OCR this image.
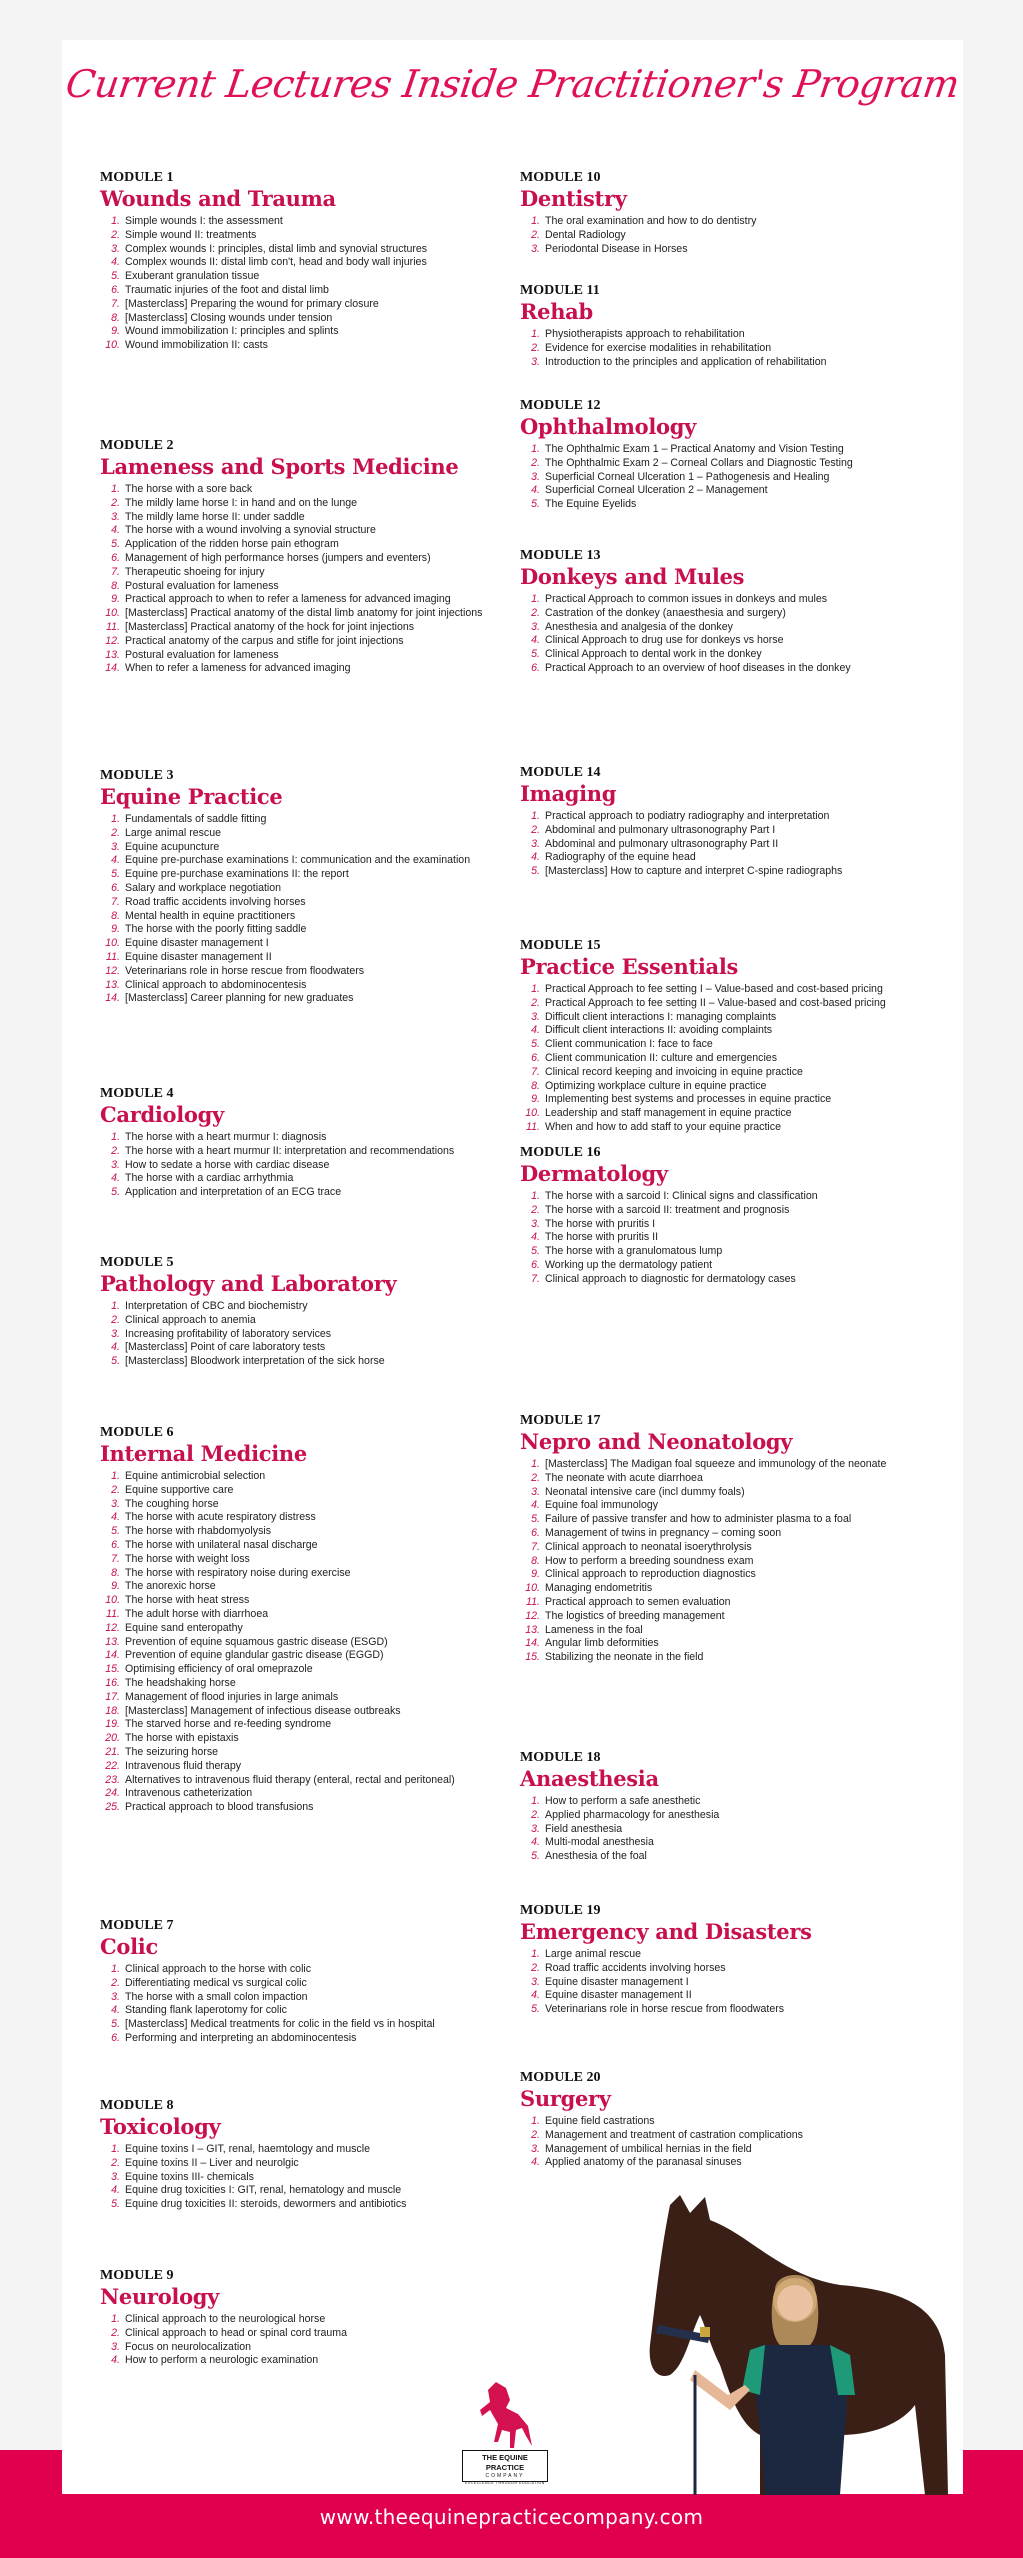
Current Lectures Inside Practitioner's Program
MODULE 1
Wounds and Trauma
1. Simple wounds I: the assessment
2. Simple wound II: treatments
3. Complex wounds I: principles, distal limb and synovial structures
4. Complex wounds II: distal limb con't, head and body wall injuries
5. Exuberant granulation tissue
6. Traumatic injuries of the foot and distal limb
7. [Masterclass] Preparing the wound for primary closure
8. [Masterclass] Closing wounds under tension
9. Wound immobilization I: principles and splints
10. Wound immobilization II: casts
MODULE 2
Lameness and Sports Medicine
1. The horse with a sore back
2. The mildly lame horse I: in hand and on the lunge
3. The mildly lame horse II: under saddle
4. The horse with a wound involving a synovial structure
5. Application of the ridden horse pain ethogram
6. Management of high performance horses (jumpers and eventers)
7. Therapeutic shoeing for injury
8. Postural evaluation for lameness
9. Practical approach to when to refer a lameness for advanced imaging
10. [Masterclass] Practical anatomy of the distal limb anatomy for joint injections
11. [Masterclass] Practical anatomy of the hock for joint injections
12. Practical anatomy of the carpus and stifle for joint injections
13. Postural evaluation for lameness
14. When to refer a lameness for advanced imaging
MODULE 3
Equine Practice
1. Fundamentals of saddle fitting
2. Large animal rescue
3. Equine acupuncture
4. Equine pre-purchase examinations I: communication and the examination
5. Equine pre-purchase examinations II: the report
6. Salary and workplace negotiation
7. Road traffic accidents involving horses
8. Mental health in equine practitioners
9. The horse with the poorly fitting saddle
10. Equine disaster management I
11. Equine disaster management II
12. Veterinarians role in horse rescue from floodwaters
13. Clinical approach to abdominocentesis
14. [Masterclass] Career planning for new graduates
MODULE 4
Cardiology
1. The horse with a heart murmur I: diagnosis
2. The horse with a heart murmur II: interpretation and recommendations
3. How to sedate a horse with cardiac disease
4. The horse with a cardiac arrhythmia
5. Application and interpretation of an ECG trace
MODULE 5
Pathology and Laboratory
1. Interpretation of CBC and biochemistry
2. Clinical approach to anemia
3. Increasing profitability of laboratory services
4. [Masterclass] Point of care laboratory tests
5. [Masterclass] Bloodwork interpretation of the sick horse
MODULE 6
Internal Medicine
1. Equine antimicrobial selection
2. Equine supportive care
3. The coughing horse
4. The horse with acute respiratory distress
5. The horse with rhabdomyolysis
6. The horse with unilateral nasal discharge
7. The horse with weight loss
8. The horse with respiratory noise during exercise
9. The anorexic horse
10. The horse with heat stress
11. The adult horse with diarrhoea
12. Equine sand enteropathy
13. Prevention of equine squamous gastric disease (ESGD)
14. Prevention of equine glandular gastric disease (EGGD)
15. Optimising efficiency of oral omeprazole
16. The headshaking horse
17. Management of flood injuries in large animals
18. [Masterclass] Management of infectious disease outbreaks
19. The starved horse and re-feeding syndrome
20. The horse with epistaxis
21. The seizuring horse
22. Intravenous fluid therapy
23. Alternatives to intravenous fluid therapy (enteral, rectal and peritoneal)
24. Intravenous catheterization
25. Practical approach to blood transfusions
MODULE 7
Colic
1. Clinical approach to the horse with colic
2. Differentiating medical vs surgical colic
3. The horse with a small colon impaction
4. Standing flank laperotomy for colic
5. [Masterclass] Medical treatments for colic in the field vs in hospital
6. Performing and interpreting an abdominocentesis
MODULE 8
Toxicology
1. Equine toxins I – GIT, renal, haemtology and muscle
2. Equine toxins II – Liver and neurolgic
3. Equine toxins III- chemicals
4. Equine drug toxicities I: GIT, renal, hematology and muscle
5. Equine drug toxicities II: steroids, dewormers and antibiotics
MODULE 9
Neurology
1. Clinical approach to the neurological horse
2. Clinical approach to head or spinal cord trauma
3. Focus on neurolocalization
4. How to perform a neurologic examination
MODULE 10
Dentistry
1. The oral examination and how to do dentistry
2. Dental Radiology
3. Periodontal Disease in Horses
MODULE 11
Rehab
1. Physiotherapists approach to rehabilitation
2. Evidence for exercise modalities in rehabilitation
3. Introduction to the principles and application of rehabilitation
MODULE 12
Ophthalmology
1. The Ophthalmic Exam 1 – Practical Anatomy and Vision Testing
2. The Ophthalmic Exam 2 – Corneal Collars and Diagnostic Testing
3. Superficial Corneal Ulceration 1 – Pathogenesis and Healing
4. Superficial Corneal Ulceration 2 – Management
5. The Equine Eyelids
MODULE 13
Donkeys and Mules
1. Practical Approach to common issues in donkeys and mules
2. Castration of the donkey (anaesthesia and surgery)
3. Anesthesia and analgesia of the donkey
4. Clinical Approach to drug use for donkeys vs horse
5. Clinical Approach to dental work in the donkey
6. Practical Approach to an overview of hoof diseases in the donkey
MODULE 14
Imaging
1. Practical approach to podiatry radiography and interpretation
2. Abdominal and pulmonary ultrasonography Part I
3. Abdominal and pulmonary ultrasonography Part II
4. Radiography of the equine head
5. [Masterclass] How to capture and interpret C-spine radiographs
MODULE 15
Practice Essentials
1. Practical Approach to fee setting I – Value-based and cost-based pricing
2. Practical Approach to fee setting II – Value-based and cost-based pricing
3. Difficult client interactions I: managing complaints
4. Difficult client interactions II: avoiding complaints
5. Client communication I: face to face
6. Client communication II: culture and emergencies
7. Clinical record keeping and invoicing in equine practice
8. Optimizing workplace culture in equine practice
9. Implementing best systems and processes in equine practice
10. Leadership and staff management in equine practice
11. When and how to add staff to your equine practice
MODULE 16
Dermatology
1. The horse with a sarcoid I: Clinical signs and classification
2. The horse with a sarcoid II: treatment and prognosis
3. The horse with pruritis I
4. The horse with pruritis II
5. The horse with a granulomatous lump
6. Working up the dermatology patient
7. Clinical approach to diagnostic for dermatology cases
MODULE 17
Nepro and Neonatology
1. [Masterclass] The Madigan foal squeeze and immunology of the neonate
2. The neonate with acute diarrhoea
3. Neonatal intensive care (incl dummy foals)
4. Equine foal immunology
5. Failure of passive transfer and how to administer plasma to a foal
6. Management of twins in pregnancy – coming soon
7. Clinical approach to neonatal isoerythrolysis
8. How to perform a breeding soundness exam
9. Clinical approach to reproduction diagnostics
10. Managing endometritis
11. Practical approach to semen evaluation
12. The logistics of breeding management
13. Lameness in the foal
14. Angular limb deformities
15. Stabilizing the neonate in the field
MODULE 18
Anaesthesia
1. How to perform a safe anesthetic
2. Applied pharmacology for anesthesia
3. Field anesthesia
4. Multi-modal anesthesia
5. Anesthesia of the foal
MODULE 19
Emergency and Disasters
1. Large animal rescue
2. Road traffic accidents involving horses
3. Equine disaster management I
4. Equine disaster management II
5. Veterinarians role in horse rescue from floodwaters
MODULE 20
Surgery
1. Equine field castrations
2. Management and treatment of castration complications
3. Management of umbilical hernias in the field
4. Applied anatomy of the paranasal sinuses
THE EQUINE PRACTICE
COMPANY
EXCELLENCE THROUGH EDUCATION
www.theequinepracticecompany.com
